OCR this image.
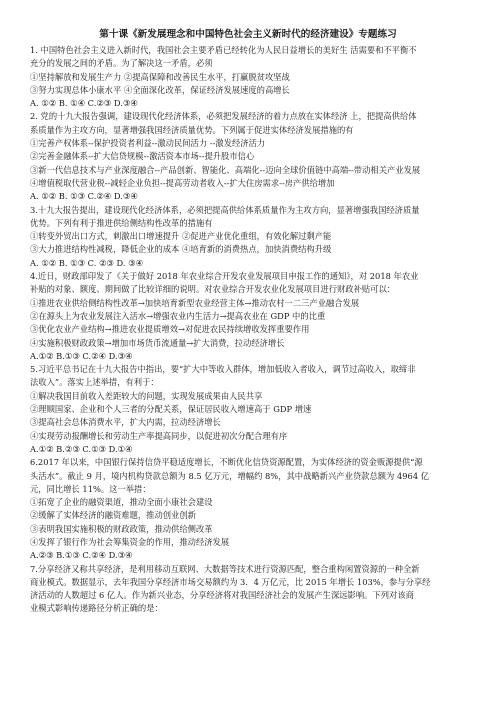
第十课《新发展理念和中国特色社会主义新时代的经济建设》专题练习
1. 中国特色社会主义进入新时代，我国社会主要矛盾已经转化为人民日益增长的美好生 活需要和不平衡不
充分的发展之间的矛盾。为了解决这一矛盾，必须
①坚持解放和发展生产力 ②提高保障和改善民生水平，打赢脱贫攻坚战
③努力实现总体小康水平 ④全面深化改革，保证经济发展速度的高增长
A. ①② B. ①④ C.②③ D.③④
2. 党的十九大报告强调，建设现代化经济体系，必须把发展经济的着力点放在实体经济 上，把提高供给体
系质量作为主攻方向，显著增强我国经济质量优势。下列属于促进实体经济发展措施的有
①完善产权体系--保护投资者利益--激动民间活力 --激发经济活力
②完善金融体系--扩大信贷规模--激活资本市场--提升股市信心
③新一代信息技术与产业深度融合--产品创新、智能化、高端化--迈向全球价值链中高端--带动相关产业发展
④增值税取代营业税--减轻企业负担--提高劳动者收入--扩大住房需求--房产供给增加
A. ①② B. ①③ C.②④ D.③④
3.十九大报告提出，建设现代化经济体系，必须把提高供给体系质量作为主攻方向，显著增强我国经济质量
优势。下列有利于推进供给侧结构性改革的措施有
①转变外贸出口方式，刺激出口增速提升 ②促进产业优化重组，有效化解过剩产能
③大力推进结构性减税，降低企业的成本 ④培育新的消费热点，加快消费结构升级
A. ①② B. ①③ C. ②③ D. ③④
4.近日，财政部印发了《关于做好 2018 年农业综合开发农业发展项目申报工作的通知》，对 2018 年农业
补贴的对象、额度、期间做了比较详细的说明。对农业综合开发农业化发展项目进行财政补贴可以：
①推进农业供给侧结构性改革→加快培育新型农业经营主体→推动农村一二三产业融合发展
②在源头上为农业发展注入活水→增强农业内生活力→提高农业在 GDP 中的比重
③优化农业产业结构→推进农业提质增效→对促进农民持续增收发挥重要作用
④实施积极财政政策→增加市场货币流通量→扩大消费，拉动经济增长
A.①② B.①③ C.②④ D.③④
5.习近平总书记在十九大报告中指出，要“扩大中等收入群体，增加低收入者收入，调节过高收入，取缔非
法收入”。落实上述举措，有利于：
①解决我国目前收入差距较大的问题，实现发展成果由人民共享
②理顺国家、企业和个人三者的分配关系，保证居民收入增速高于 GDP 增速
③提高社会总体消费水平，扩大内需，拉动经济增长
④实现劳动报酬增长和劳动生产率提高同步，以促进初次分配合理有序
A.①② B.②③ C.①③ D.①④
6.2017 年以来，中国银行保持信贷平稳适度增长，不断优化信贷资源配置，为实体经济的资金贩源提供“源
头活水”。截止 9 月，境内机构贷款总额为 8.5 亿万元，增幅约 8%，其中战略新兴产业贷款总额为 4964 亿
元，同比增长 11%。这一举措：
①拓宽了企业的融资渠道，推动全面小康社会建设
②缓解了实体经济的融资难题，推动创业创新
③表明我国实施积极的财政政策，推动供给侧改革
④发挥了银行作为社会筹集资金的作用，推动经济发展
A.②③ B.①③ C.②④ D.③④
7.分享经济又称共享经济，是利用移动互联网、大数据等技术进行资源匹配，整合重构闲置资源的一种全新
商业模式。数据显示，去年我国分享经济市场交易额约为 3．4 万亿元，比 2015 年增长 103%，参与分享经
济活动的人数超过 6 亿人。作为新兴业态，分享经济将对我国经济社会的发展产生深远影响。下列对该商
业模式影响传递路径分析正确的是：
